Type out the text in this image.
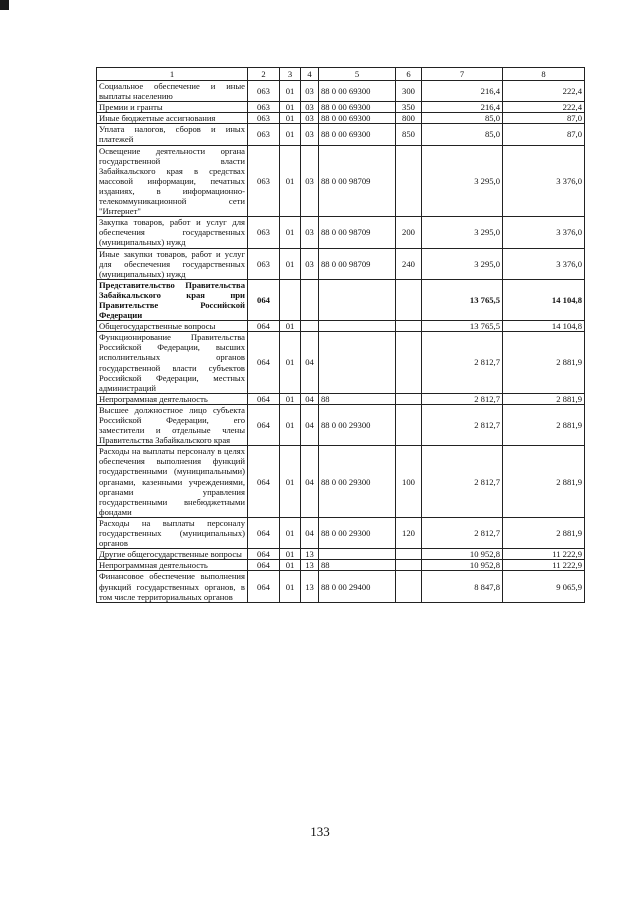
1	2	3	4	5	6	7	8
Социальное обеспечение и иные выплаты населению	063	01	03	88 0 00 69300	300	216,4	222,4
Премии и гранты	063	01	03	88 0 00 69300	350	216,4	222,4
Иные бюджетные ассигнования	063	01	03	88 0 00 69300	800	85,0	87,0
Уплата налогов, сборов и иных платежей	063	01	03	88 0 00 69300	850	85,0	87,0
Освещение деятельности органа государственной власти Забайкальского края в средствах массовой информации, печатных изданиях, в информационно-телекоммуникационной сети "Интернет"	063	01	03	88 0 00 98709		3 295,0	3 376,0
Закупка товаров, работ и услуг для обеспечения государственных (муниципальных) нужд	063	01	03	88 0 00 98709	200	3 295,0	3 376,0
Иные закупки товаров, работ и услуг для обеспечения государственных (муниципальных) нужд	063	01	03	88 0 00 98709	240	3 295,0	3 376,0
Представительство Правительства Забайкальского края при Правительстве Российской Федерации	064					13 765,5	14 104,8
Общегосударственные вопросы	064	01				13 765,5	14 104,8
Функционирование Правительства Российской Федерации, высших исполнительных органов государственной власти субъектов Российской Федерации, местных администраций	064	01	04			2 812,7	2 881,9
Непрограммная деятельность	064	01	04	88		2 812,7	2 881,9
Высшее должностное лицо субъекта Российской Федерации, его заместители и отдельные члены Правительства Забайкальского края	064	01	04	88 0 00 29300		2 812,7	2 881,9
Расходы на выплаты персоналу в целях обеспечения выполнения функций государственными (муниципальными) органами, казенными учреждениями, органами управления государственными внебюджетными фондами	064	01	04	88 0 00 29300	100	2 812,7	2 881,9
Расходы на выплаты персоналу государственных (муниципальных) органов	064	01	04	88 0 00 29300	120	2 812,7	2 881,9
Другие общегосударственные вопросы	064	01	13			10 952,8	11 222,9
Непрограммная деятельность	064	01	13	88		10 952,8	11 222,9
Финансовое обеспечение выполнения функций государственных органов, в том числе территориальных органов	064	01	13	88 0 00 29400		8 847,8	9 065,9
133
